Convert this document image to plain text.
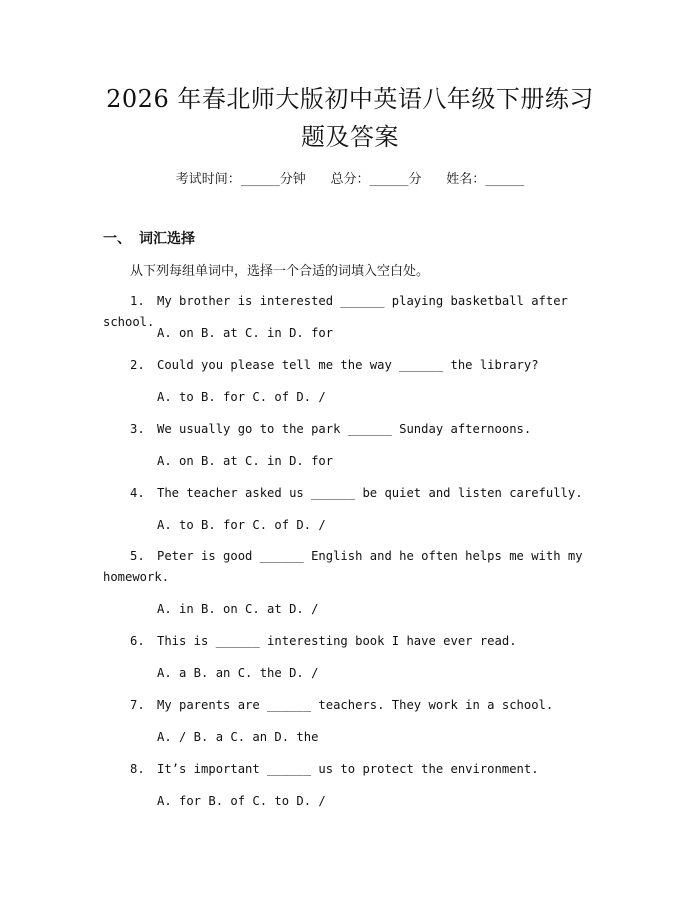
2026 年春北师大版初中英语八年级下册练习
题及答案
考试时间：______分钟      总分：______分      姓名：______
一、 词汇选择
从下列每组单词中，选择一个合适的词填入空白处。
1. My brother is interested ______ playing basketball after school.
A. on B. at C. in D. for
2. Could you please tell me the way ______ the library?
A. to B. for C. of D. /
3. We usually go to the park ______ Sunday afternoons.
A. on B. at C. in D. for
4. The teacher asked us ______ be quiet and listen carefully.
A. to B. for C. of D. /
5. Peter is good ______ English and he often helps me with my homework.
A. in B. on C. at D. /
6. This is ______ interesting book I have ever read.
A. a B. an C. the D. /
7. My parents are ______ teachers. They work in a school.
A. / B. a C. an D. the
8. It’s important ______ us to protect the environment.
A. for B. of C. to D. /
